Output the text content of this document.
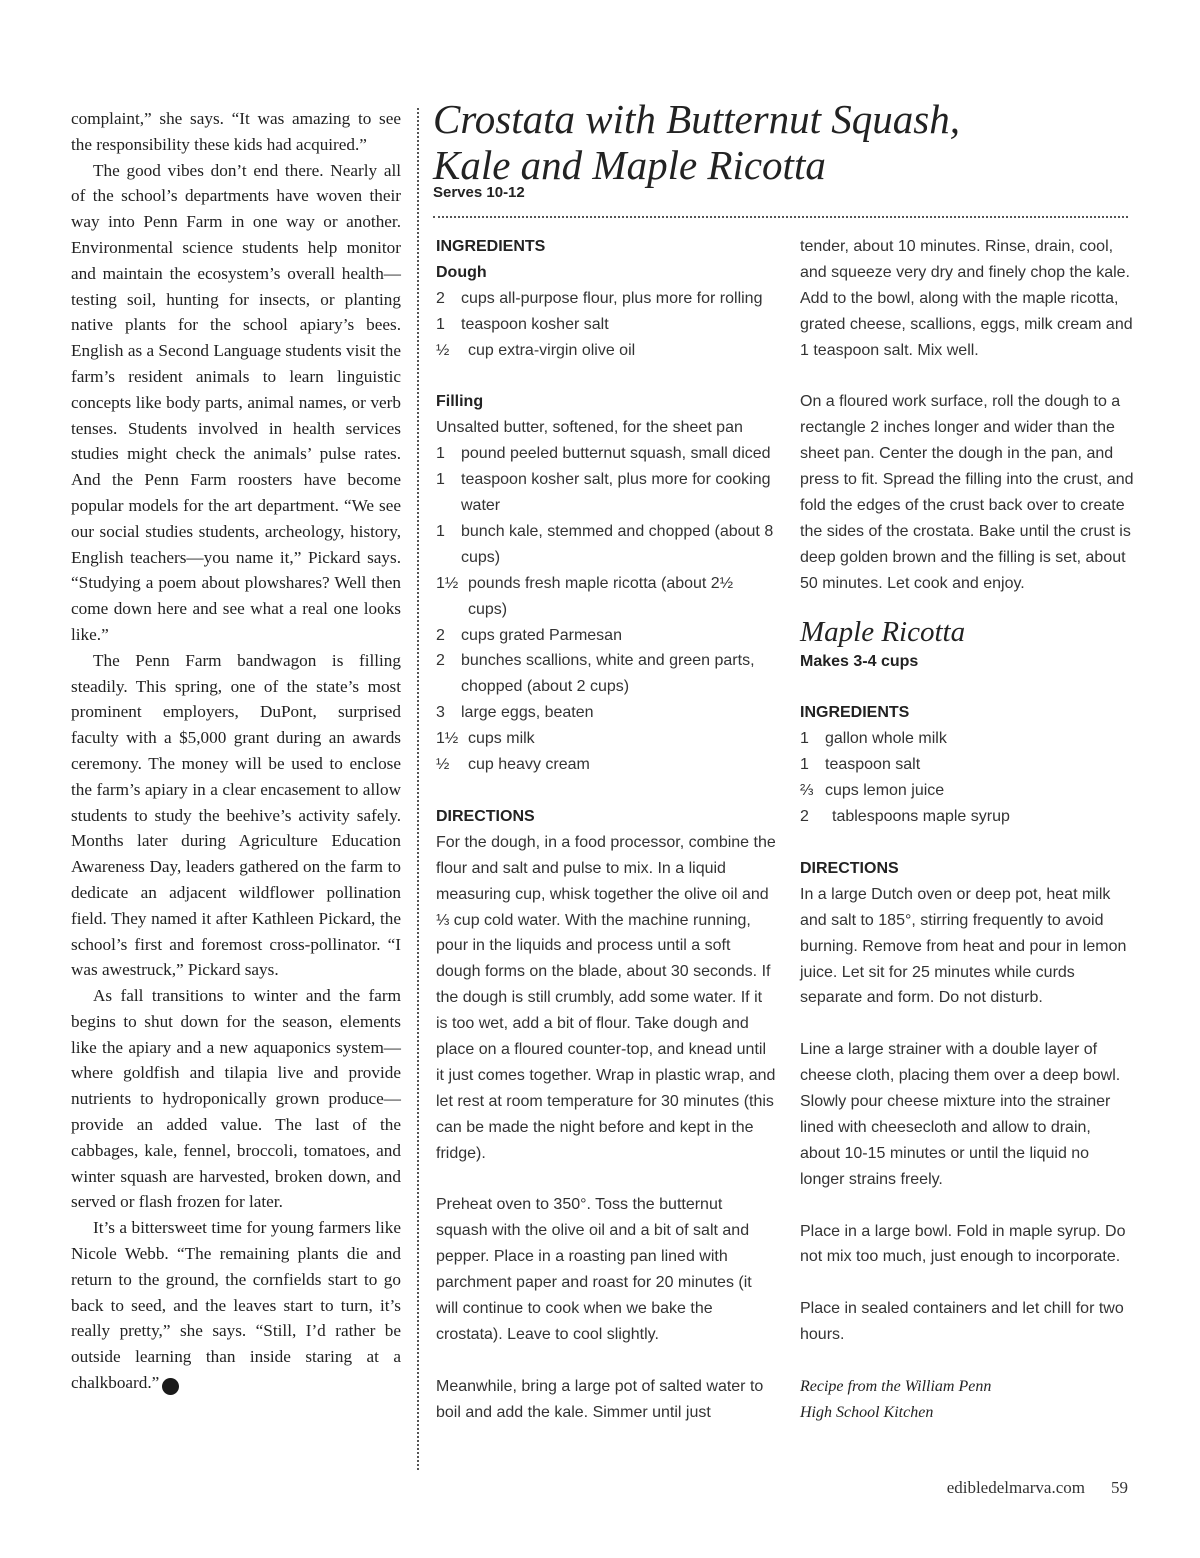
complaint,” she says. “It was amazing to see the responsibility these kids had acquired.”

The good vibes don’t end there. Nearly all of the school’s departments have woven their way into Penn Farm in one way or another. Environmental science students help monitor and maintain the ecosystem’s overall health—testing soil, hunting for insects, or planting native plants for the school apiary’s bees. English as a Second Language students visit the farm’s resident animals to learn linguistic concepts like body parts, animal names, or verb tenses. Students involved in health services studies might check the animals’ pulse rates. And the Penn Farm roosters have become popular models for the art department. “We see our social studies students, archeology, history, English teachers—you name it,” Pickard says. “Studying a poem about plowshares? Well then come down here and see what a real one looks like.”

The Penn Farm bandwagon is filling steadily. This spring, one of the state’s most prominent employers, DuPont, surprised faculty with a $5,000 grant during an awards ceremony. The money will be used to enclose the farm’s apiary in a clear encasement to allow students to study the beehive’s activity safely. Months later during Agriculture Education Awareness Day, leaders gathered on the farm to dedicate an adjacent wildflower pollination field. They named it after Kathleen Pickard, the school’s first and foremost cross-pollinator. “I was awestruck,” Pickard says.

As fall transitions to winter and the farm begins to shut down for the season, elements like the apiary and a new aquaponics system—where goldfish and tilapia live and provide nutrients to hydroponically grown produce—provide an added value. The last of the cabbages, kale, fennel, broccoli, tomatoes, and winter squash are harvested, broken down, and served or flash frozen for later.

It’s a bittersweet time for young farmers like Nicole Webb. “The remaining plants die and return to the ground, the cornfields start to go back to seed, and the leaves start to turn, it’s really pretty,” she says. “Still, I’d rather be outside learning than inside staring at a chalkboard.” e

Crostata with Butternut Squash,
Kale and Maple Ricotta
Serves 10-12
INGREDIENTS
Dough
2 cups all-purpose flour, plus more for rolling
1 teaspoon kosher salt
½ cup extra-virgin olive oil
Filling
Unsalted butter, softened, for the sheet pan
1 pound peeled butternut squash, small diced
1 teaspoon kosher salt, plus more for cooking water
1 bunch kale, stemmed and chopped (about 8 cups)
1½ pounds fresh maple ricotta (about 2½ cups)
2 cups grated Parmesan
2 bunches scallions, white and green parts, chopped (about 2 cups)
3 large eggs, beaten
1½ cups milk
½ cup heavy cream
DIRECTIONS

For the dough, in a food processor, combine the flour and salt and pulse to mix. In a liquid measuring cup, whisk together the olive oil and ⅓ cup cold water. With the machine running, pour in the liquids and process until a soft dough forms on the blade, about 30 seconds. If the dough is still crumbly, add some water. If it is too wet, add a bit of flour. Take dough and place on a floured counter-top, and knead until it just comes together. Wrap in plastic wrap, and let rest at room temperature for 30 minutes (this can be made the night before and kept in the fridge).

Preheat oven to 350°. Toss the butternut squash with the olive oil and a bit of salt and pepper. Place in a roasting pan lined with parchment paper and roast for 20 minutes (it will continue to cook when we bake the crostata). Leave to cool slightly.

Meanwhile, bring a large pot of salted water to boil and add the kale. Simmer until just

tender, about 10 minutes. Rinse, drain, cool, and squeeze very dry and finely chop the kale. Add to the bowl, along with the maple ricotta, grated cheese, scallions, eggs, milk cream and 1 teaspoon salt. Mix well.

On a floured work surface, roll the dough to a rectangle 2 inches longer and wider than the sheet pan. Center the dough in the pan, and press to fit. Spread the filling into the crust, and fold the edges of the crust back over to create the sides of the crostata. Bake until the crust is deep golden brown and the filling is set, about 50 minutes. Let cook and enjoy.

Maple Ricotta
Makes 3-4 cups
INGREDIENTS
1 gallon whole milk
1 teaspoon salt
⅔ cups lemon juice
2 tablespoons maple syrup
DIRECTIONS

In a large Dutch oven or deep pot, heat milk and salt to 185°, stirring frequently to avoid burning. Remove from heat and pour in lemon juice. Let sit for 25 minutes while curds separate and form. Do not disturb.

Line a large strainer with a double layer of cheese cloth, placing them over a deep bowl. Slowly pour cheese mixture into the strainer lined with cheesecloth and allow to drain, about 10-15 minutes or until the liquid no longer strains freely.

Place in a large bowl. Fold in maple syrup. Do not mix too much, just enough to incorporate.

Place in sealed containers and let chill for two hours.

Recipe from the William Penn
High School Kitchen
edibledelmarva.com 59
